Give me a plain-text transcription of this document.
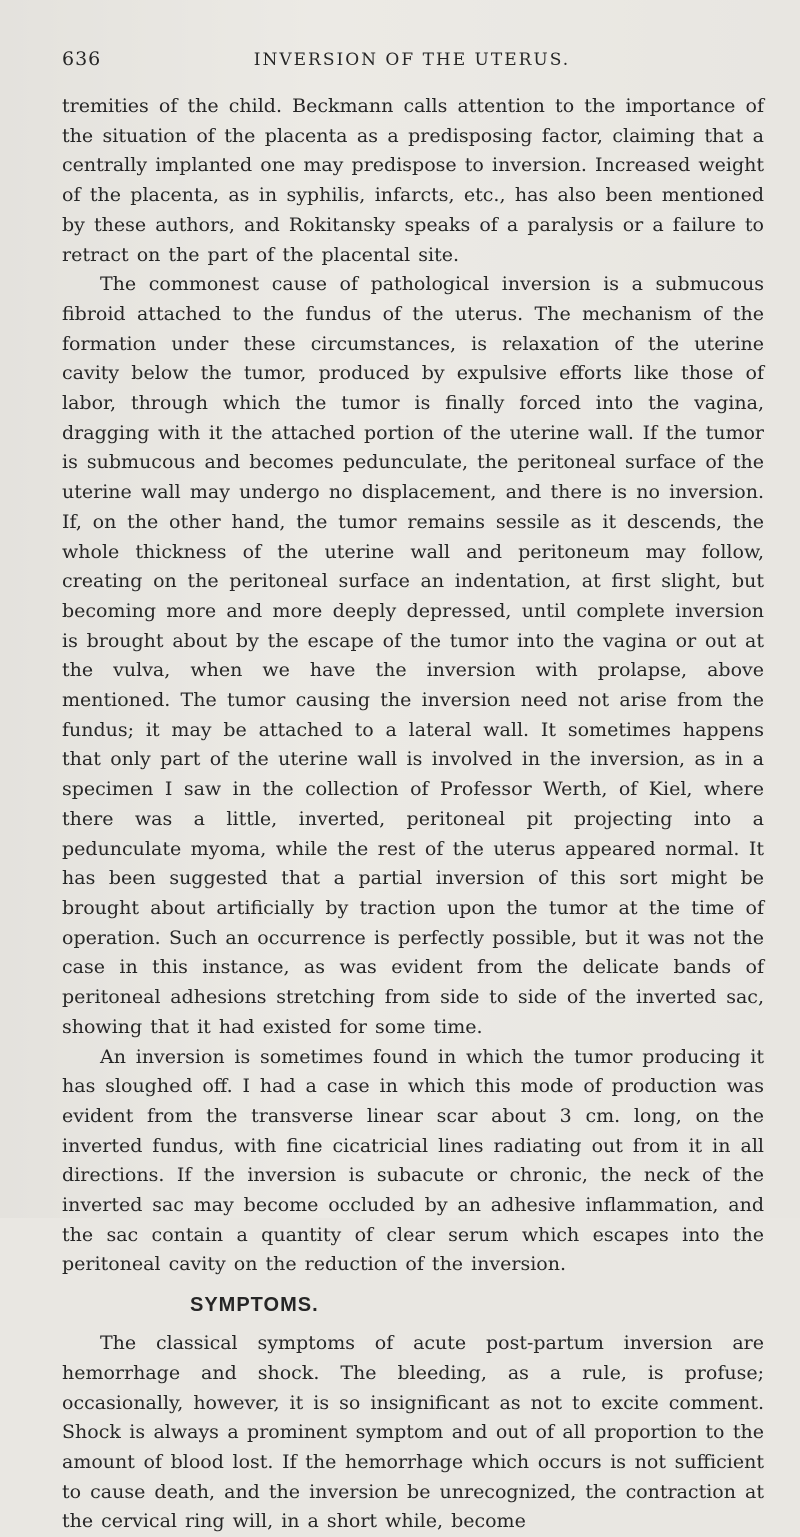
636	INVERSION OF THE UTERUS.

tremities of the child. Beckmann calls attention to the importance of the situation of the placenta as a predisposing factor, claiming that a centrally implanted one may predispose to inversion. Increased weight of the placenta, as in syphilis, infarcts, etc., has also been mentioned by these authors, and Rokitansky speaks of a paralysis or a failure to retract on the part of the placental site.

The commonest cause of pathological inversion is a submucous fibroid attached to the fundus of the uterus. The mechanism of the formation under these circumstances, is relaxation of the uterine cavity below the tumor, produced by expulsive efforts like those of labor, through which the tumor is finally forced into the vagina, dragging with it the attached portion of the uterine wall. If the tumor is submucous and becomes pedunculate, the peritoneal surface of the uterine wall may undergo no displacement, and there is no inversion. If, on the other hand, the tumor remains sessile as it descends, the whole thickness of the uterine wall and peritoneum may follow, creating on the peritoneal surface an indentation, at first slight, but becoming more and more deeply depressed, until complete inversion is brought about by the escape of the tumor into the vagina or out at the vulva, when we have the inversion with prolapse, above mentioned. The tumor causing the inversion need not arise from the fundus; it may be attached to a lateral wall. It sometimes happens that only part of the uterine wall is involved in the inversion, as in a specimen I saw in the collection of Professor Werth, of Kiel, where there was a little, inverted, peritoneal pit projecting into a pedunculate myoma, while the rest of the uterus appeared normal. It has been suggested that a partial inversion of this sort might be brought about artificially by traction upon the tumor at the time of operation. Such an occurrence is perfectly possible, but it was not the case in this instance, as was evident from the delicate bands of peritoneal adhesions stretching from side to side of the inverted sac, showing that it had existed for some time.

An inversion is sometimes found in which the tumor producing it has sloughed off. I had a case in which this mode of production was evident from the transverse linear scar about 3 cm. long, on the inverted fundus, with fine cicatricial lines radiating out from it in all directions. If the inversion is subacute or chronic, the neck of the inverted sac may become occluded by an adhesive inflammation, and the sac contain a quantity of clear serum which escapes into the peritoneal cavity on the reduction of the inversion.

SYMPTOMS.

The classical symptoms of acute post-partum inversion are hemorrhage and shock. The bleeding, as a rule, is profuse; occasionally, however, it is so insignificant as not to excite comment. Shock is always a prominent symptom and out of all proportion to the amount of blood lost. If the hemorrhage which occurs is not sufficient to cause death, and the inversion be unrecognized, the contraction at the cervical ring will, in a short while, become
